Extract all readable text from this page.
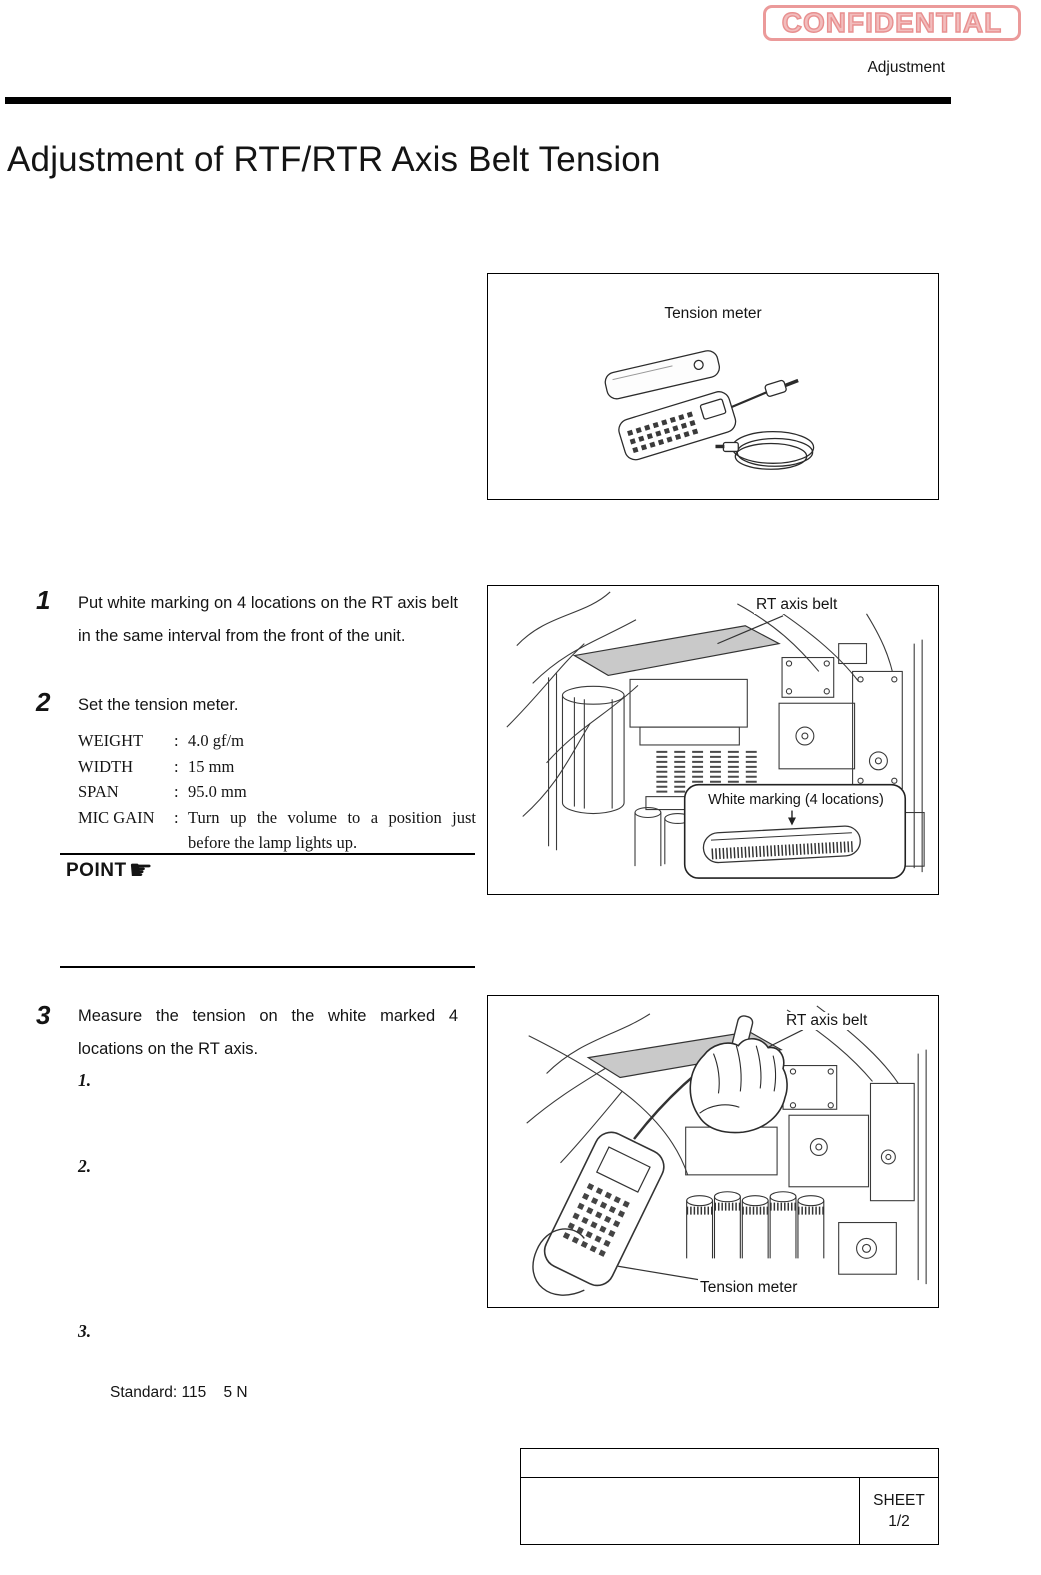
CONFIDENTIAL
Adjustment
Adjustment of RTF/RTR Axis Belt Tension
Tension meter
1 Put white marking on 4 locations on the RT axis belt in the same interval from the front of the unit.
2 Set the tension meter.
WEIGHT	: 4.0 gf/m
WIDTH	: 15 mm
SPAN	: 95.0 mm
MIC GAIN	: Turn up the volume to a position just before the lamp lights up.
POINT ☛
RT axis belt
White marking (4 locations)
3 Measure the tension on the white marked 4 locations on the RT axis.
1.
2.
3.
RT axis belt
Tension meter
Standard: 115    5 N
SHEET
1/2
